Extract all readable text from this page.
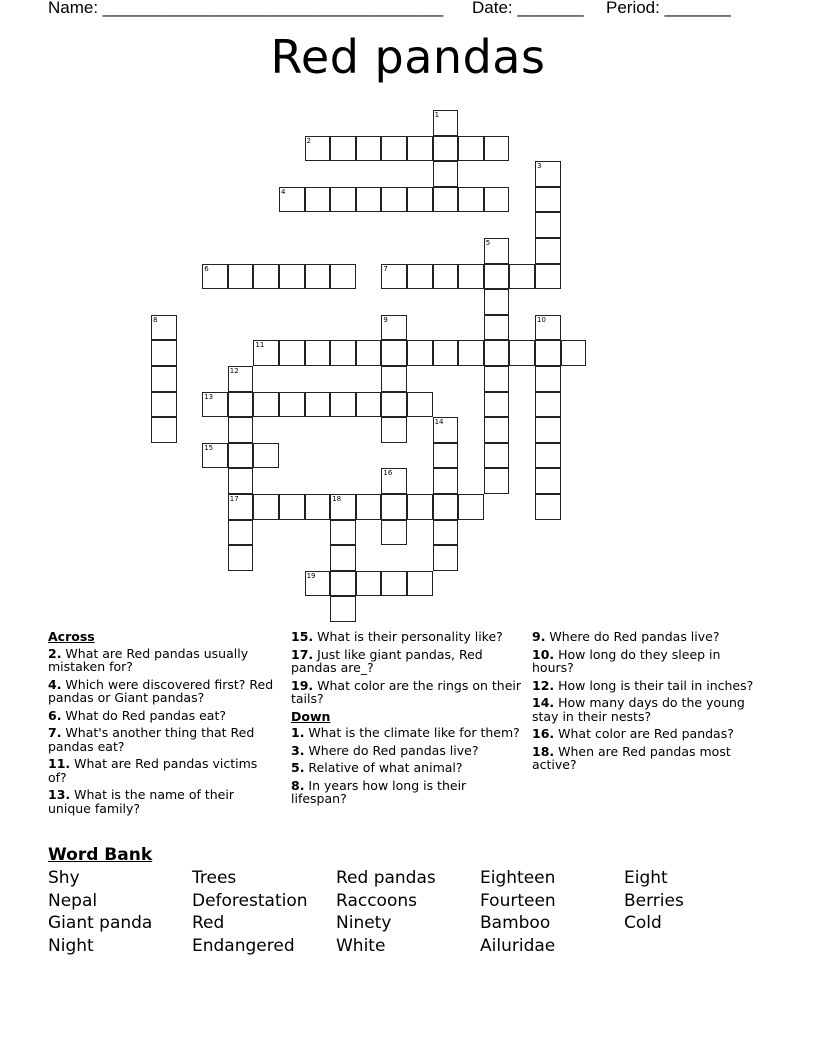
Name: ____________________________________ Date: _______ Period: _______
Red pandas
1
2
3
4
5
6	7
8	9	10
11
12
17
13
14
15
16
18
19
Across
2. What are Red pandas usually mistaken for?
4. Which were discovered first? Red pandas or Giant pandas?
6. What do Red pandas eat?
7. What's another thing that Red pandas eat?
11. What are Red pandas victims of?
13. What is the name of their unique family?
15. What is their personality like?
17. Just like giant pandas, Red pandas are_?
19. What color are the rings on their tails?
Down
1. What is the climate like for them?
3. Where do Red pandas live?
5. Relative of what animal?
8. In years how long is their lifespan?
9. Where do Red pandas live?
10. How long do they sleep in hours?
12. How long is their tail in inches?
14. How many days do the young stay in their nests?
16. What color are Red pandas?
18. When are Red pandas most active?
Word Bank
Shy	Trees	Red pandas	Eighteen	Eight
Nepal	Deforestation	Raccoons	Fourteen	Berries
Giant panda	Red	Ninety	Bamboo	Cold
Night	Endangered	White	Ailuridae
